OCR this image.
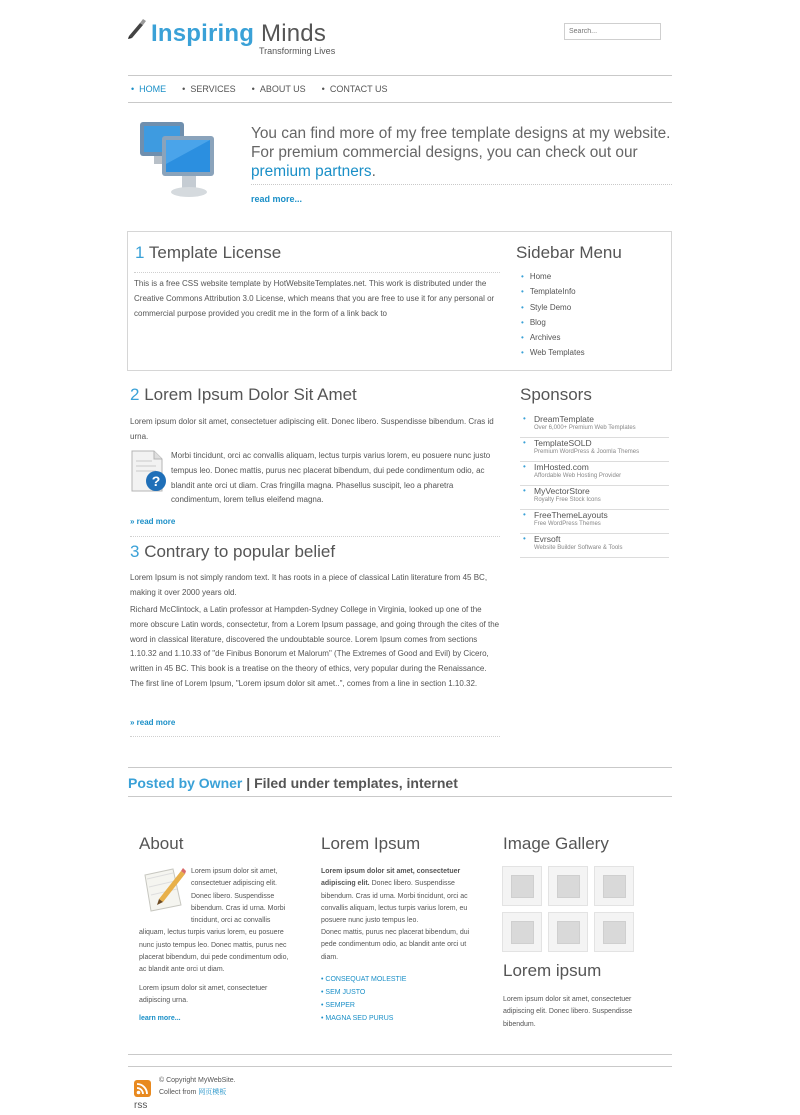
Inspiring Minds
Transforming Lives
Search...
• HOME • SERVICES • ABOUT US • CONTACT US
You can find more of my free template designs at my website. For premium commercial designs, you can check out our premium partners.
read more...
1 Template License
This is a free CSS website template by HotWebsiteTemplates.net. This work is distributed under the Creative Commons Attribution 3.0 License, which means that you are free to use it for any personal or commercial purpose provided you credit me in the form of a link back to
Sidebar Menu
• Home
• TemplateInfo
• Style Demo
• Blog
• Archives
• Web Templates
2 Lorem Ipsum Dolor Sit Amet
Lorem ipsum dolor sit amet, consectetuer adipiscing elit. Donec libero. Suspendisse bibendum. Cras id urna.
?
Morbi tincidunt, orci ac convallis aliquam, lectus turpis varius lorem, eu posuere nunc justo tempus leo. Donec mattis, purus nec placerat bibendum, dui pede condimentum odio, ac blandit ante orci ut diam. Cras fringilla magna. Phasellus suscipit, leo a pharetra condimentum, lorem tellus eleifend magna.
» read more
Sponsors
• DreamTemplate
Over 6,000+ Premium Web Templates
• TemplateSOLD
Premium WordPress & Joomla Themes
• ImHosted.com
Affordable Web Hosting Provider
• MyVectorStore
Royalty Free Stock Icons
• FreeThemeLayouts
Free WordPress Themes
• Evrsoft
Website Builder Software & Tools
3 Contrary to popular belief
Lorem Ipsum is not simply random text. It has roots in a piece of classical Latin literature from 45 BC, making it over 2000 years old.
Richard McClintock, a Latin professor at Hampden-Sydney College in Virginia, looked up one of the more obscure Latin words, consectetur, from a Lorem Ipsum passage, and going through the cites of the word in classical literature, discovered the undoubtable source. Lorem Ipsum comes from sections 1.10.32 and 1.10.33 of "de Finibus Bonorum et Malorum" (The Extremes of Good and Evil) by Cicero, written in 45 BC. This book is a treatise on the theory of ethics, very popular during the Renaissance. The first line of Lorem Ipsum, "Lorem ipsum dolor sit amet..", comes from a line in section 1.10.32.
» read more
Posted by Owner | Filed under templates, internet
About
Lorem ipsum dolor sit amet, consectetuer adipiscing elit. Donec libero. Suspendisse bibendum. Cras id urna. Morbi tincidunt, orci ac convallis aliquam, lectus turpis varius lorem, eu posuere nunc justo tempus leo. Donec mattis, purus nec placerat bibendum, dui pede condimentum odio, ac blandit ante orci ut diam.
Lorem ipsum dolor sit amet, consectetuer adipiscing urna.
learn more...
Lorem Ipsum
Lorem ipsum dolor sit amet, consectetuer adipiscing elit. Donec libero. Suspendisse bibendum. Cras id urna. Morbi tincidunt, orci ac convallis aliquam, lectus turpis varius lorem, eu posuere nunc justo tempus leo.
Donec mattis, purus nec placerat bibendum, dui pede condimentum odio, ac blandit ante orci ut diam.
• CONSEQUAT MOLESTIE
• SEM JUSTO
• SEMPER
• MAGNA SED PURUS
Image Gallery
Lorem ipsum
Lorem ipsum dolor sit amet, consectetuer adipiscing elit. Donec libero. Suspendisse bibendum.
rss
© Copyright MyWebSite.
Collect from 网页模板
